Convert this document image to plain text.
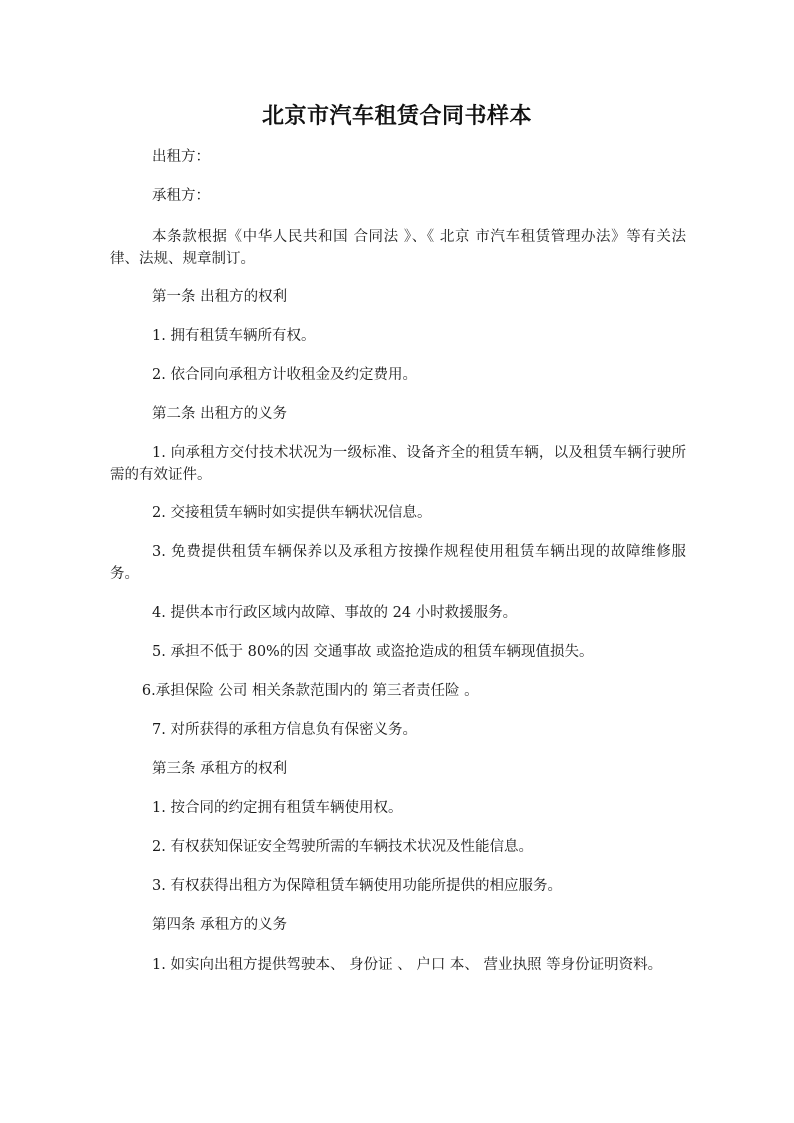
北京市汽车租赁合同书样本
出租方：
承租方：
本条款根据《中华人民共和国 合同法 》、《 北京 市汽车租赁管理办法》等有关法律、法规、规章制订。
第一条 出租方的权利
1. 拥有租赁车辆所有权。
2. 依合同向承租方计收租金及约定费用。
第二条 出租方的义务
1. 向承租方交付技术状况为一级标准、设备齐全的租赁车辆，以及租赁车辆行驶所需的有效证件。
2. 交接租赁车辆时如实提供车辆状况信息。
3. 免费提供租赁车辆保养以及承租方按操作规程使用租赁车辆出现的故障维修服务。
4. 提供本市行政区域内故障、事故的 24 小时救援服务。
5. 承担不低于 80%的因 交通事故 或盗抢造成的租赁车辆现值损失。
6.承担保险 公司 相关条款范围内的 第三者责任险 。
7. 对所获得的承租方信息负有保密义务。
第三条 承租方的权利
1. 按合同的约定拥有租赁车辆使用权。
2. 有权获知保证安全驾驶所需的车辆技术状况及性能信息。
3. 有权获得出租方为保障租赁车辆使用功能所提供的相应服务。
第四条 承租方的义务
1. 如实向出租方提供驾驶本、 身份证 、 户口 本、 营业执照 等身份证明资料。
